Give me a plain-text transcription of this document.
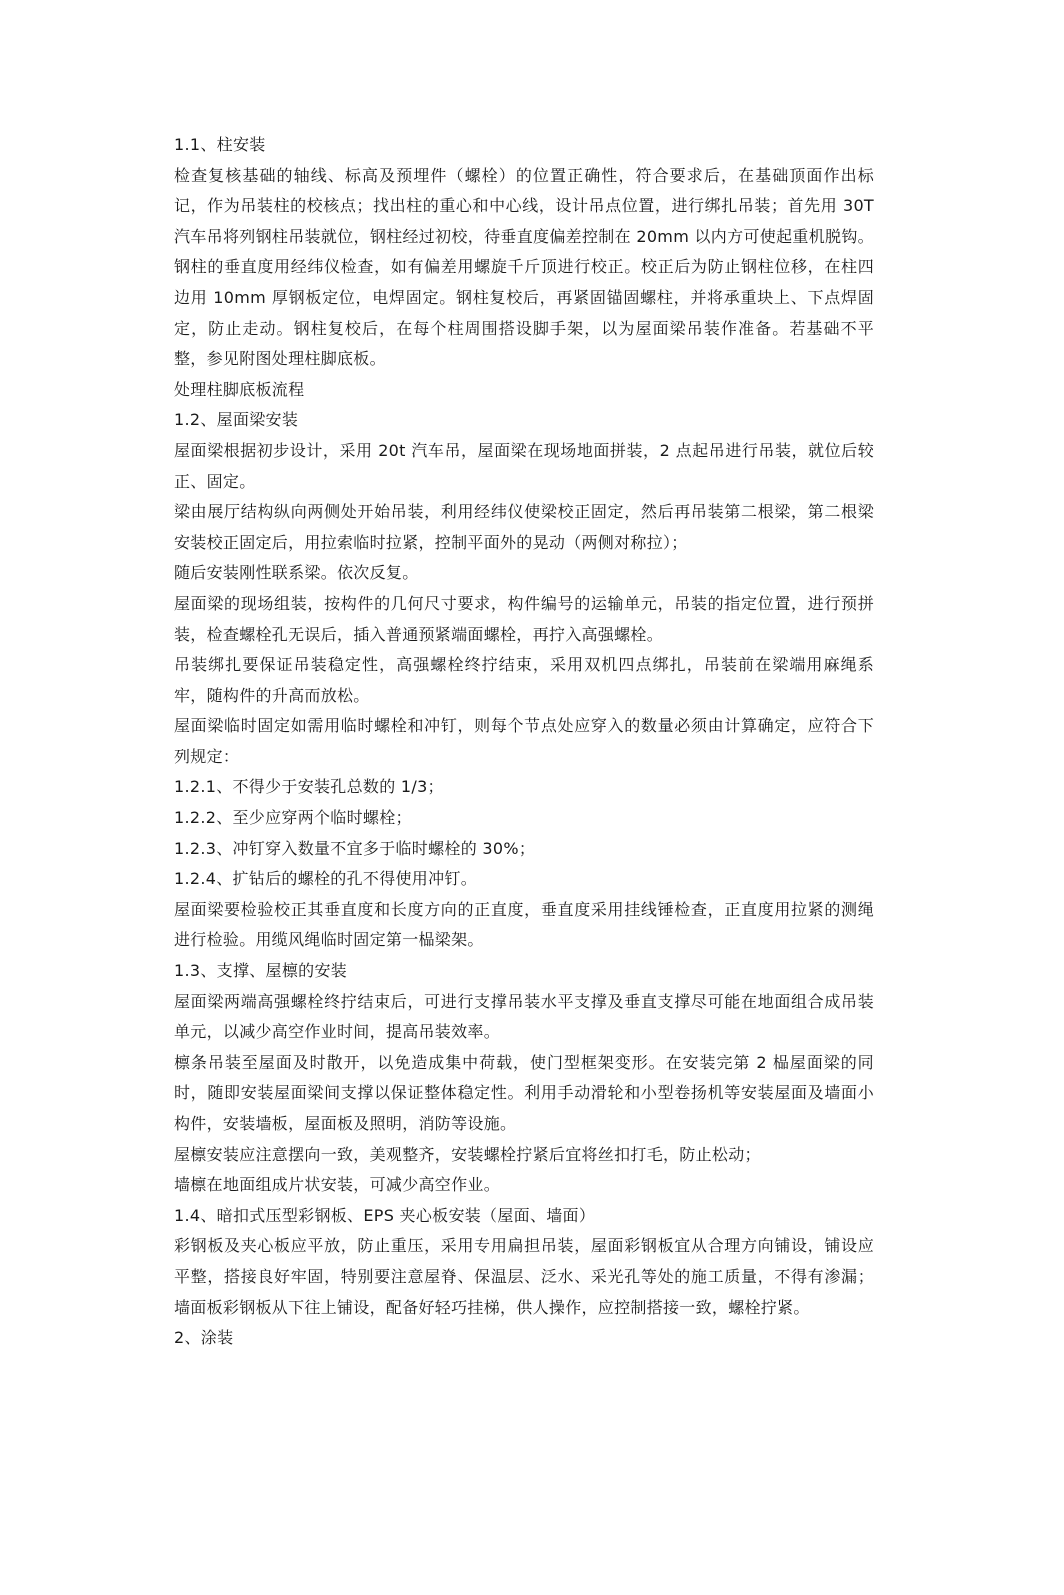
1.1、柱安装

检查复核基础的轴线、标高及预埋件（螺栓）的位置正确性，符合要求后，在基础顶面作出标记，作为吊装柱的校核点；找出柱的重心和中心线，设计吊点位置，进行绑扎吊装；首先用 30T 汽车吊将列钢柱吊装就位，钢柱经过初校，待垂直度偏差控制在 20mm 以内方可使起重机脱钩。钢柱的垂直度用经纬仪检查，如有偏差用螺旋千斤顶进行校正。校正后为防止钢柱位移，在柱四边用 10mm 厚钢板定位，电焊固定。钢柱复校后，再紧固锚固螺柱，并将承重块上、下点焊固定，防止走动。钢柱复校后，在每个柱周围搭设脚手架，以为屋面梁吊装作准备。若基础不平整，参见附图处理柱脚底板。

处理柱脚底板流程

1.2、屋面梁安装

屋面梁根据初步设计，采用 20t 汽车吊，屋面梁在现场地面拼装，2 点起吊进行吊装，就位后较正、固定。

梁由展厅结构纵向两侧处开始吊装，利用经纬仪使梁校正固定，然后再吊装第二根梁，第二根梁安装校正固定后，用拉索临时拉紧，控制平面外的晃动（两侧对称拉）；

随后安装刚性联系梁。依次反复。

屋面梁的现场组装，按构件的几何尺寸要求，构件编号的运输单元，吊装的指定位置，进行预拼装，检查螺栓孔无误后，插入普通预紧端面螺栓，再拧入高强螺栓。

吊装绑扎要保证吊装稳定性，高强螺栓终拧结束，采用双机四点绑扎，吊装前在梁端用麻绳系牢，随构件的升高而放松。

屋面梁临时固定如需用临时螺栓和冲钉，则每个节点处应穿入的数量必须由计算确定，应符合下列规定：

1.2.1、不得少于安装孔总数的 1/3；

1.2.2、至少应穿两个临时螺栓；

1.2.3、冲钉穿入数量不宜多于临时螺栓的 30%；

1.2.4、扩钻后的螺栓的孔不得使用冲钉。

屋面梁要检验校正其垂直度和长度方向的正直度，垂直度采用挂线锤检查，正直度用拉紧的测绳进行检验。用缆风绳临时固定第一榀梁架。

1.3、支撑、屋檩的安装

屋面梁两端高强螺栓终拧结束后，可进行支撑吊装水平支撑及垂直支撑尽可能在地面组合成吊装单元，以减少高空作业时间，提高吊装效率。

檩条吊装至屋面及时散开，以免造成集中荷载，使门型框架变形。在安装完第 2 榀屋面梁的同时，随即安装屋面梁间支撑以保证整体稳定性。利用手动滑轮和小型卷扬机等安装屋面及墙面小构件，安装墙板，屋面板及照明，消防等设施。

屋檩安装应注意摆向一致，美观整齐，安装螺栓拧紧后宜将丝扣打毛，防止松动；

墙檩在地面组成片状安装，可减少高空作业。

1.4、暗扣式压型彩钢板、EPS 夹心板安装（屋面、墙面）

彩钢板及夹心板应平放，防止重压，采用专用扁担吊装，屋面彩钢板宜从合理方向铺设，铺设应平整，搭接良好牢固，特别要注意屋脊、保温层、泛水、采光孔等处的施工质量，不得有渗漏；墙面板彩钢板从下往上铺设，配备好轻巧挂梯，供人操作，应控制搭接一致，螺栓拧紧。

2、涂装
